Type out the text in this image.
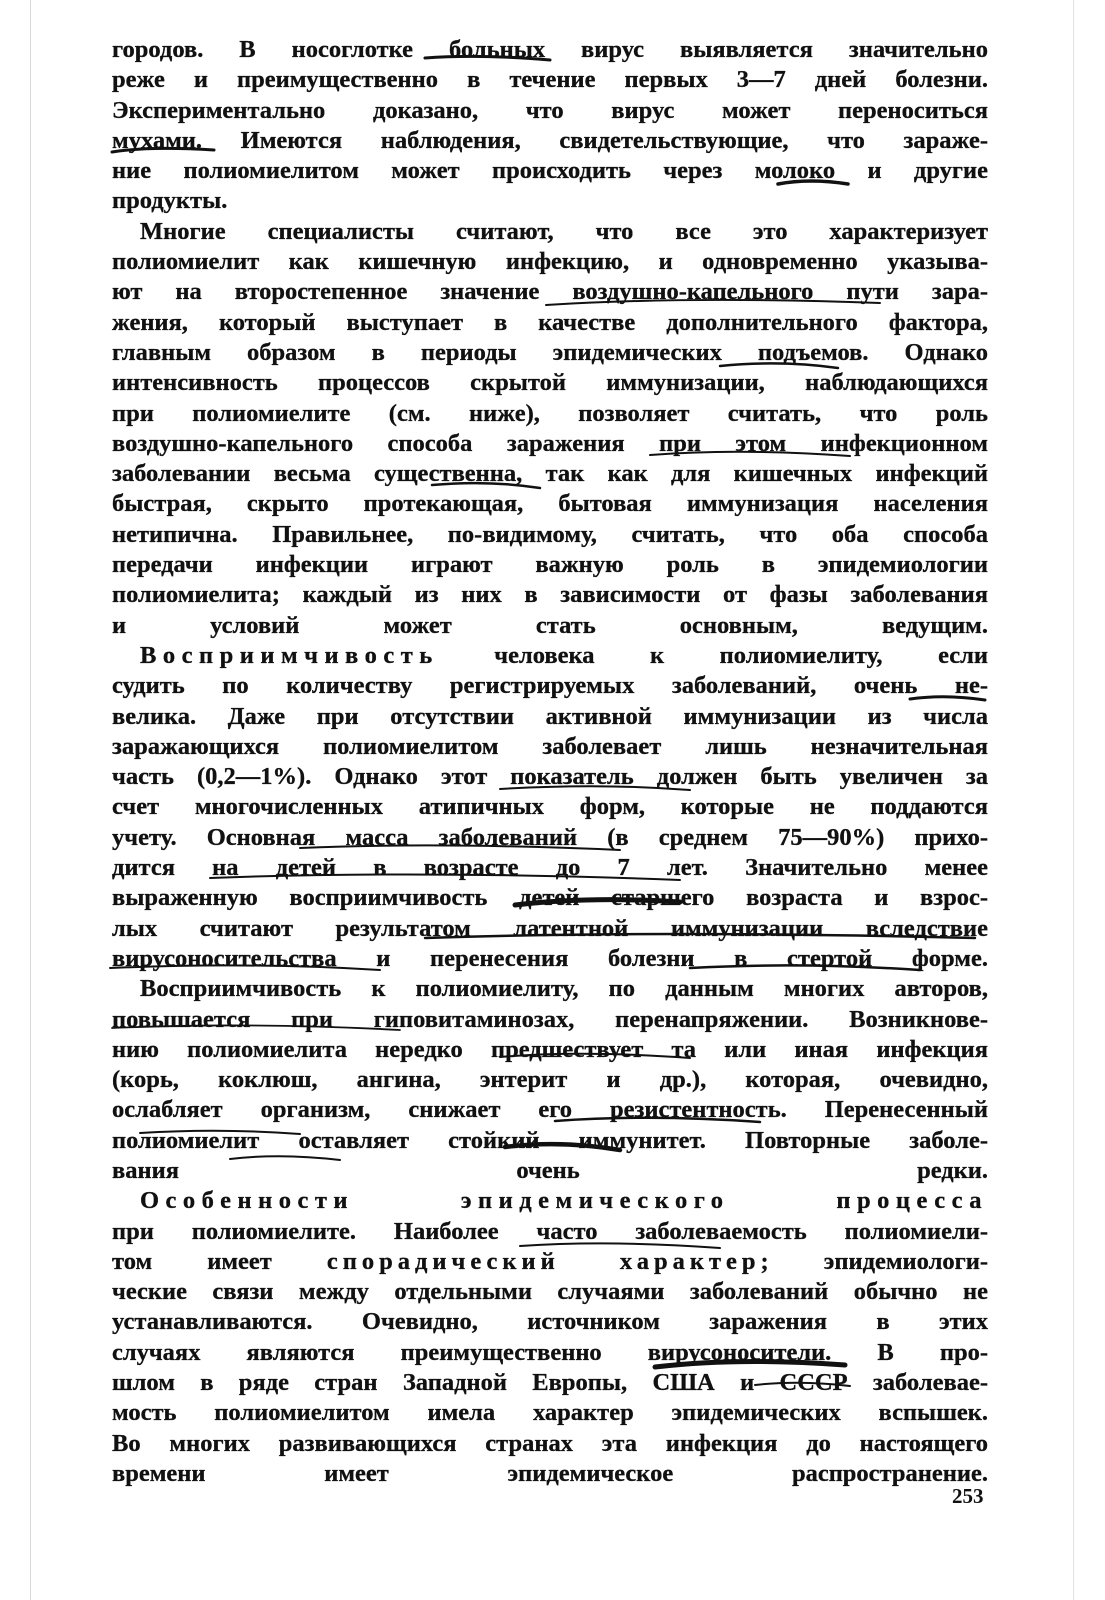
городов. В носоглотке больных вирус выявляется значительно
реже и преимущественно в течение первых 3—7 дней болезни.
Экспериментально доказано, что вирус может переноситься
мухами. Имеются наблюдения, свидетельствующие, что зараже-
ние полиомиелитом может происходить через молоко и другие
продукты.

Многие специалисты считают, что все это характеризует
полиомиелит как кишечную инфекцию, и одновременно указыва-
ют на второстепенное значение воздушно-капельного пути зара-
жения, который выступает в качестве дополнительного фактора,
главным образом в периоды эпидемических подъемов. Однако
интенсивность процессов скрытой иммунизации, наблюдающихся
при полиомиелите (см. ниже), позволяет считать, что роль
воздушно-капельного способа заражения при этом инфекционном
заболевании весьма существенна, так как для кишечных инфекций
быстрая, скрыто протекающая, бытовая иммунизация населения
нетипична. Правильнее, по-видимому, считать, что оба способа
передачи инфекции играют важную роль в эпидемиологии
полиомиелита; каждый из них в зависимости от фазы заболевания
и условий может стать основным, ведущим.

Восприимчивость человека к полиомиелиту, если
судить по количеству регистрируемых заболеваний, очень не-
велика. Даже при отсутствии активной иммунизации из числа
заражающихся полиомиелитом заболевает лишь незначительная
часть (0,2—1%). Однако этот показатель должен быть увеличен за
счет многочисленных атипичных форм, которые не поддаются
учету. Основная масса заболеваний (в среднем 75—90%) прихо-
дится на детей в возрасте до 7 лет. Значительно менее
выраженную восприимчивость детей старшего возраста и взрос-
лых считают результатом латентной иммунизации вследствие
вирусоносительства и перенесения болезни в стертой форме.

Восприимчивость к полиомиелиту, по данным многих авторов,
повышается при гиповитаминозах, перенапряжении. Возникнове-
нию полиомиелита нередко предшествует та или иная инфекция
(корь, коклюш, ангина, энтерит и др.), которая, очевидно,
ослабляет организм, снижает его резистентность. Перенесенный
полиомиелит оставляет стойкий иммунитет. Повторные заболе-
вания очень редки.

Особенности эпидемического процесса
при полиомиелите. Наиболее часто заболеваемость полиомиели-
том имеет спорадический характер; эпидемиологи-
ческие связи между отдельными случаями заболеваний обычно не
устанавливаются. Очевидно, источником заражения в этих
случаях являются преимущественно вирусоносители. В про-
шлом в ряде стран Западной Европы, США и СССР заболевае-
мость полиомиелитом имела характер эпидемических вспышек.
Во многих развивающихся странах эта инфекция до настоящего
времени имеет эпидемическое распространение.

253
